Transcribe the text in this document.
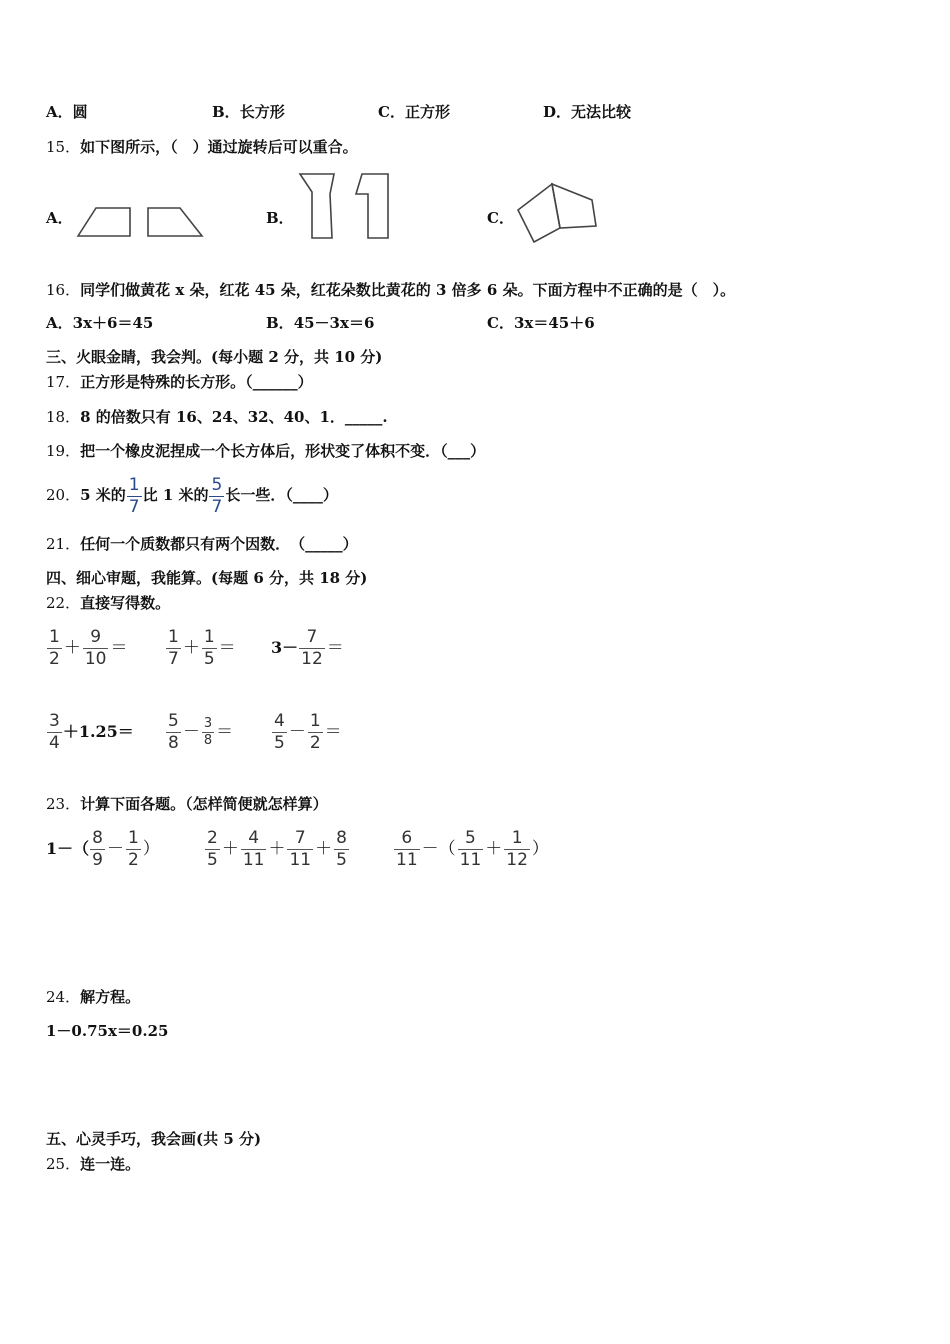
A．圆	B．长方形	C．正方形	D．无法比较
15．如下图所示，（　）通过旋转后可以重合。
A．	B．	C．
16．同学们做黄花 x 朵，红花 45 朵，红花朵数比黄花的 3 倍多 6 朵。下面方程中不正确的是（　）。
A．3x＋6＝45	B．45－3x＝6	C．3x＝45＋6
三、火眼金睛，我会判。(每小题 2 分，共 10 分)
17．正方形是特殊的长方形。（______）
18．8 的倍数只有 16、24、32、40、1．_____.
19．把一个橡皮泥捏成一个长方体后，形状变了体积不变．（___）
20．5 米的 $\frac{1}{7}$ 比 1 米的 $\frac{5}{7}$ 长一些．（____）
21．任何一个质数都只有两个因数．　（_____）
四、细心审题，我能算。(每题 6 分，共 18 分)
22．直接写得数。
$\frac{1}{2} + \frac{9}{10} = \frac{1}{7} + \frac{1}{5} = 3- \frac{7}{12}$ ＝
$\frac{3}{4} +1.25= \frac{5}{8} - \frac{3}{8} = \frac{4}{5} - \frac{1}{2}$ ＝
23．计算下面各题。（怎样简便就怎样算）
$1-( \frac{8}{9} - \frac{1}{2}$ ）	$\frac{2}{5} + \frac{4}{11} + \frac{7}{11} + \frac{8}{5}$	$\frac{6}{11}$ －（ $\frac{5}{11} + \frac{1}{12}$ ）
24．解方程。
1－0.75x＝0.25
五、心灵手巧，我会画(共 5 分)
25．连一连。
